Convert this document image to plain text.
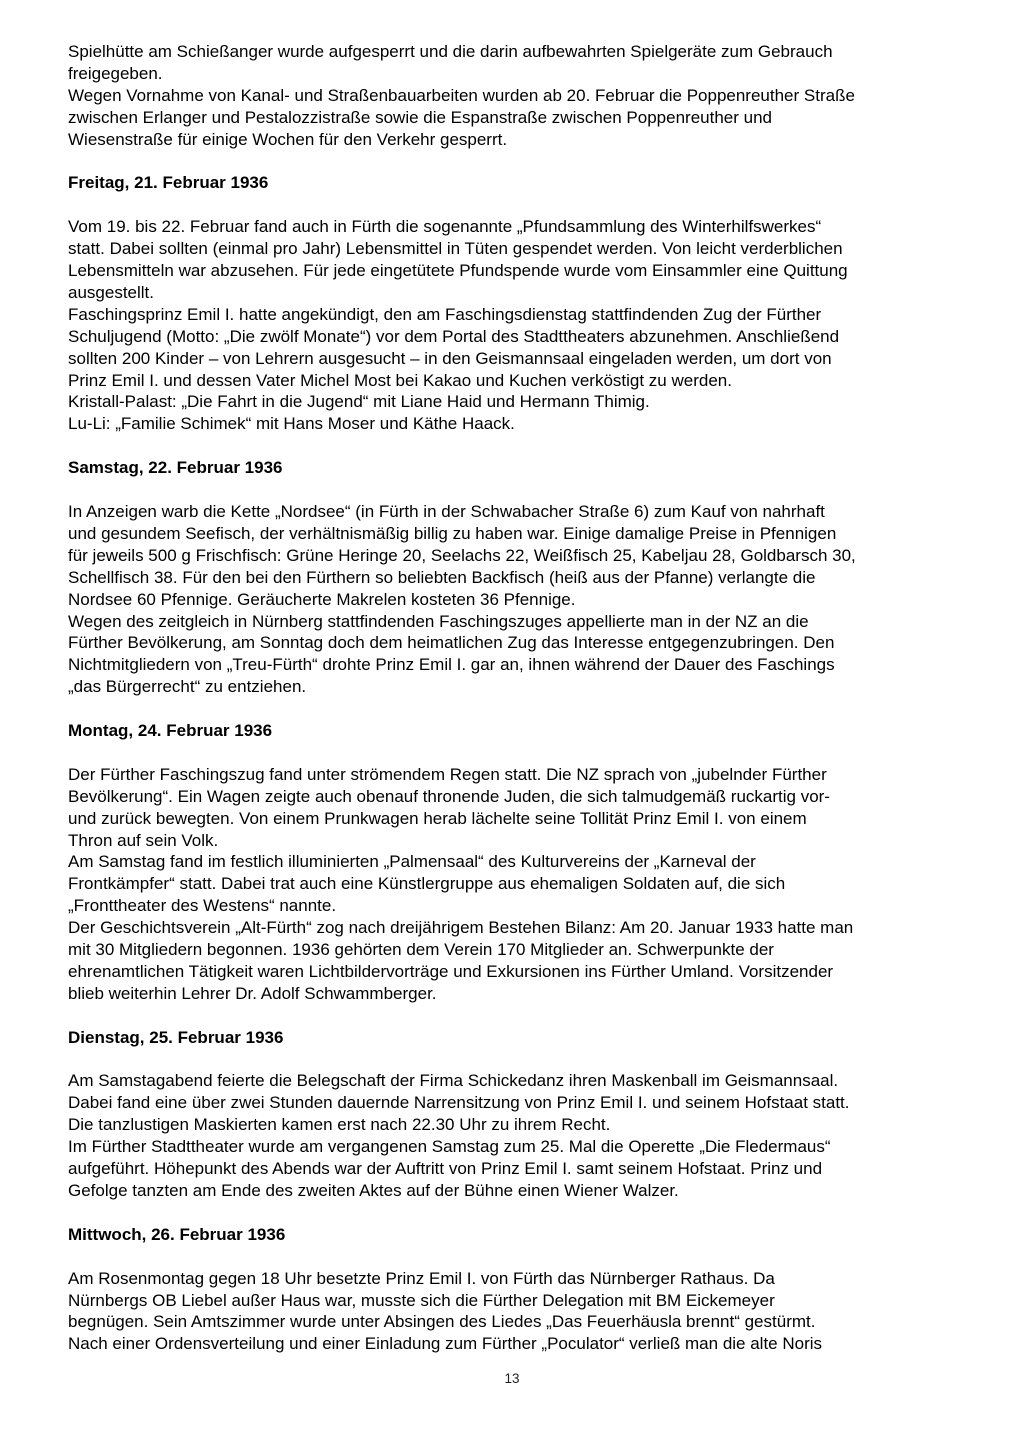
Spielhütte am Schießanger wurde aufgesperrt und die darin aufbewahrten Spielgeräte zum Gebrauch
freigegeben.
Wegen Vornahme von Kanal- und Straßenbauarbeiten wurden ab 20. Februar die Poppenreuther Straße
zwischen Erlanger und Pestalozzistraße sowie die Espanstraße zwischen Poppenreuther und
Wiesenstraße für einige Wochen für den Verkehr gesperrt.
Freitag, 21. Februar 1936
Vom 19. bis 22. Februar fand auch in Fürth die sogenannte „Pfundsammlung des Winterhilfswerkes“
statt. Dabei sollten (einmal pro Jahr) Lebensmittel in Tüten gespendet werden. Von leicht verderblichen
Lebensmitteln war abzusehen. Für jede eingetütete Pfundspende wurde vom Einsammler eine Quittung
ausgestellt.
Faschingsprinz Emil I. hatte angekündigt, den am Faschingsdienstag stattfindenden Zug der Fürther
Schuljugend (Motto: „Die zwölf Monate“) vor dem Portal des Stadttheaters abzunehmen. Anschließend
sollten 200 Kinder – von Lehrern ausgesucht – in den Geismannsaal eingeladen werden, um dort von
Prinz Emil I. und dessen Vater Michel Most bei Kakao und Kuchen verköstigt zu werden.
Kristall-Palast: „Die Fahrt in die Jugend“ mit Liane Haid und Hermann Thimig.
Lu-Li: „Familie Schimek“ mit Hans Moser und Käthe Haack.
Samstag, 22. Februar 1936
In Anzeigen warb die Kette „Nordsee“ (in Fürth in der Schwabacher Straße 6) zum Kauf von nahrhaft
und gesundem Seefisch, der verhältnismäßig billig zu haben war. Einige damalige Preise in Pfennigen
für jeweils 500 g Frischfisch: Grüne Heringe 20, Seelachs 22, Weißfisch 25, Kabeljau 28, Goldbarsch 30,
Schellfisch 38. Für den bei den Fürthern so beliebten Backfisch (heiß aus der Pfanne) verlangte die
Nordsee 60 Pfennige. Geräucherte Makrelen kosteten 36 Pfennige.
Wegen des zeitgleich in Nürnberg stattfindenden Faschingszuges appellierte man in der NZ an die
Fürther Bevölkerung, am Sonntag doch dem heimatlichen Zug das Interesse entgegenzubringen. Den
Nichtmitgliedern von „Treu-Fürth“ drohte Prinz Emil I. gar an, ihnen während der Dauer des Faschings
„das Bürgerrecht“ zu entziehen.
Montag, 24. Februar 1936
Der Fürther Faschingszug fand unter strömendem Regen statt. Die NZ sprach von „jubelnder Fürther
Bevölkerung“. Ein Wagen zeigte auch obenauf thronende Juden, die sich talmudgemäß ruckartig vor-
und zurück bewegten. Von einem Prunkwagen herab lächelte seine Tollität Prinz Emil I. von einem
Thron auf sein Volk.
Am Samstag fand im festlich illuminierten „Palmensaal“ des Kulturvereins der „Karneval der
Frontkämpfer“ statt. Dabei trat auch eine Künstlergruppe aus ehemaligen Soldaten auf, die sich
„Fronttheater des Westens“ nannte.
Der Geschichtsverein „Alt-Fürth“ zog nach dreijährigem Bestehen Bilanz: Am 20. Januar 1933 hatte man
mit 30 Mitgliedern begonnen. 1936 gehörten dem Verein 170 Mitglieder an. Schwerpunkte der
ehrenamtlichen Tätigkeit waren Lichtbildervorträge und Exkursionen ins Fürther Umland. Vorsitzender
blieb weiterhin Lehrer Dr. Adolf Schwammberger.
Dienstag, 25. Februar 1936
Am Samstagabend feierte die Belegschaft der Firma Schickedanz ihren Maskenball im Geismannsaal.
Dabei fand eine über zwei Stunden dauernde Narrensitzung von Prinz Emil I. und seinem Hofstaat statt.
Die tanzlustigen Maskierten kamen erst nach 22.30 Uhr zu ihrem Recht.
Im Fürther Stadttheater wurde am vergangenen Samstag zum 25. Mal die Operette „Die Fledermaus“
aufgeführt. Höhepunkt des Abends war der Auftritt von Prinz Emil I. samt seinem Hofstaat. Prinz und
Gefolge tanzten am Ende des zweiten Aktes auf der Bühne einen Wiener Walzer.
Mittwoch, 26. Februar 1936
Am Rosenmontag gegen 18 Uhr besetzte Prinz Emil I. von Fürth das Nürnberger Rathaus. Da
Nürnbergs OB Liebel außer Haus war, musste sich die Fürther Delegation mit BM Eickemeyer
begnügen. Sein Amtszimmer wurde unter Absingen des Liedes „Das Feuerhäusla brennt“ gestürmt.
Nach einer Ordensverteilung und einer Einladung zum Fürther „Poculator“ verließ man die alte Noris
13
